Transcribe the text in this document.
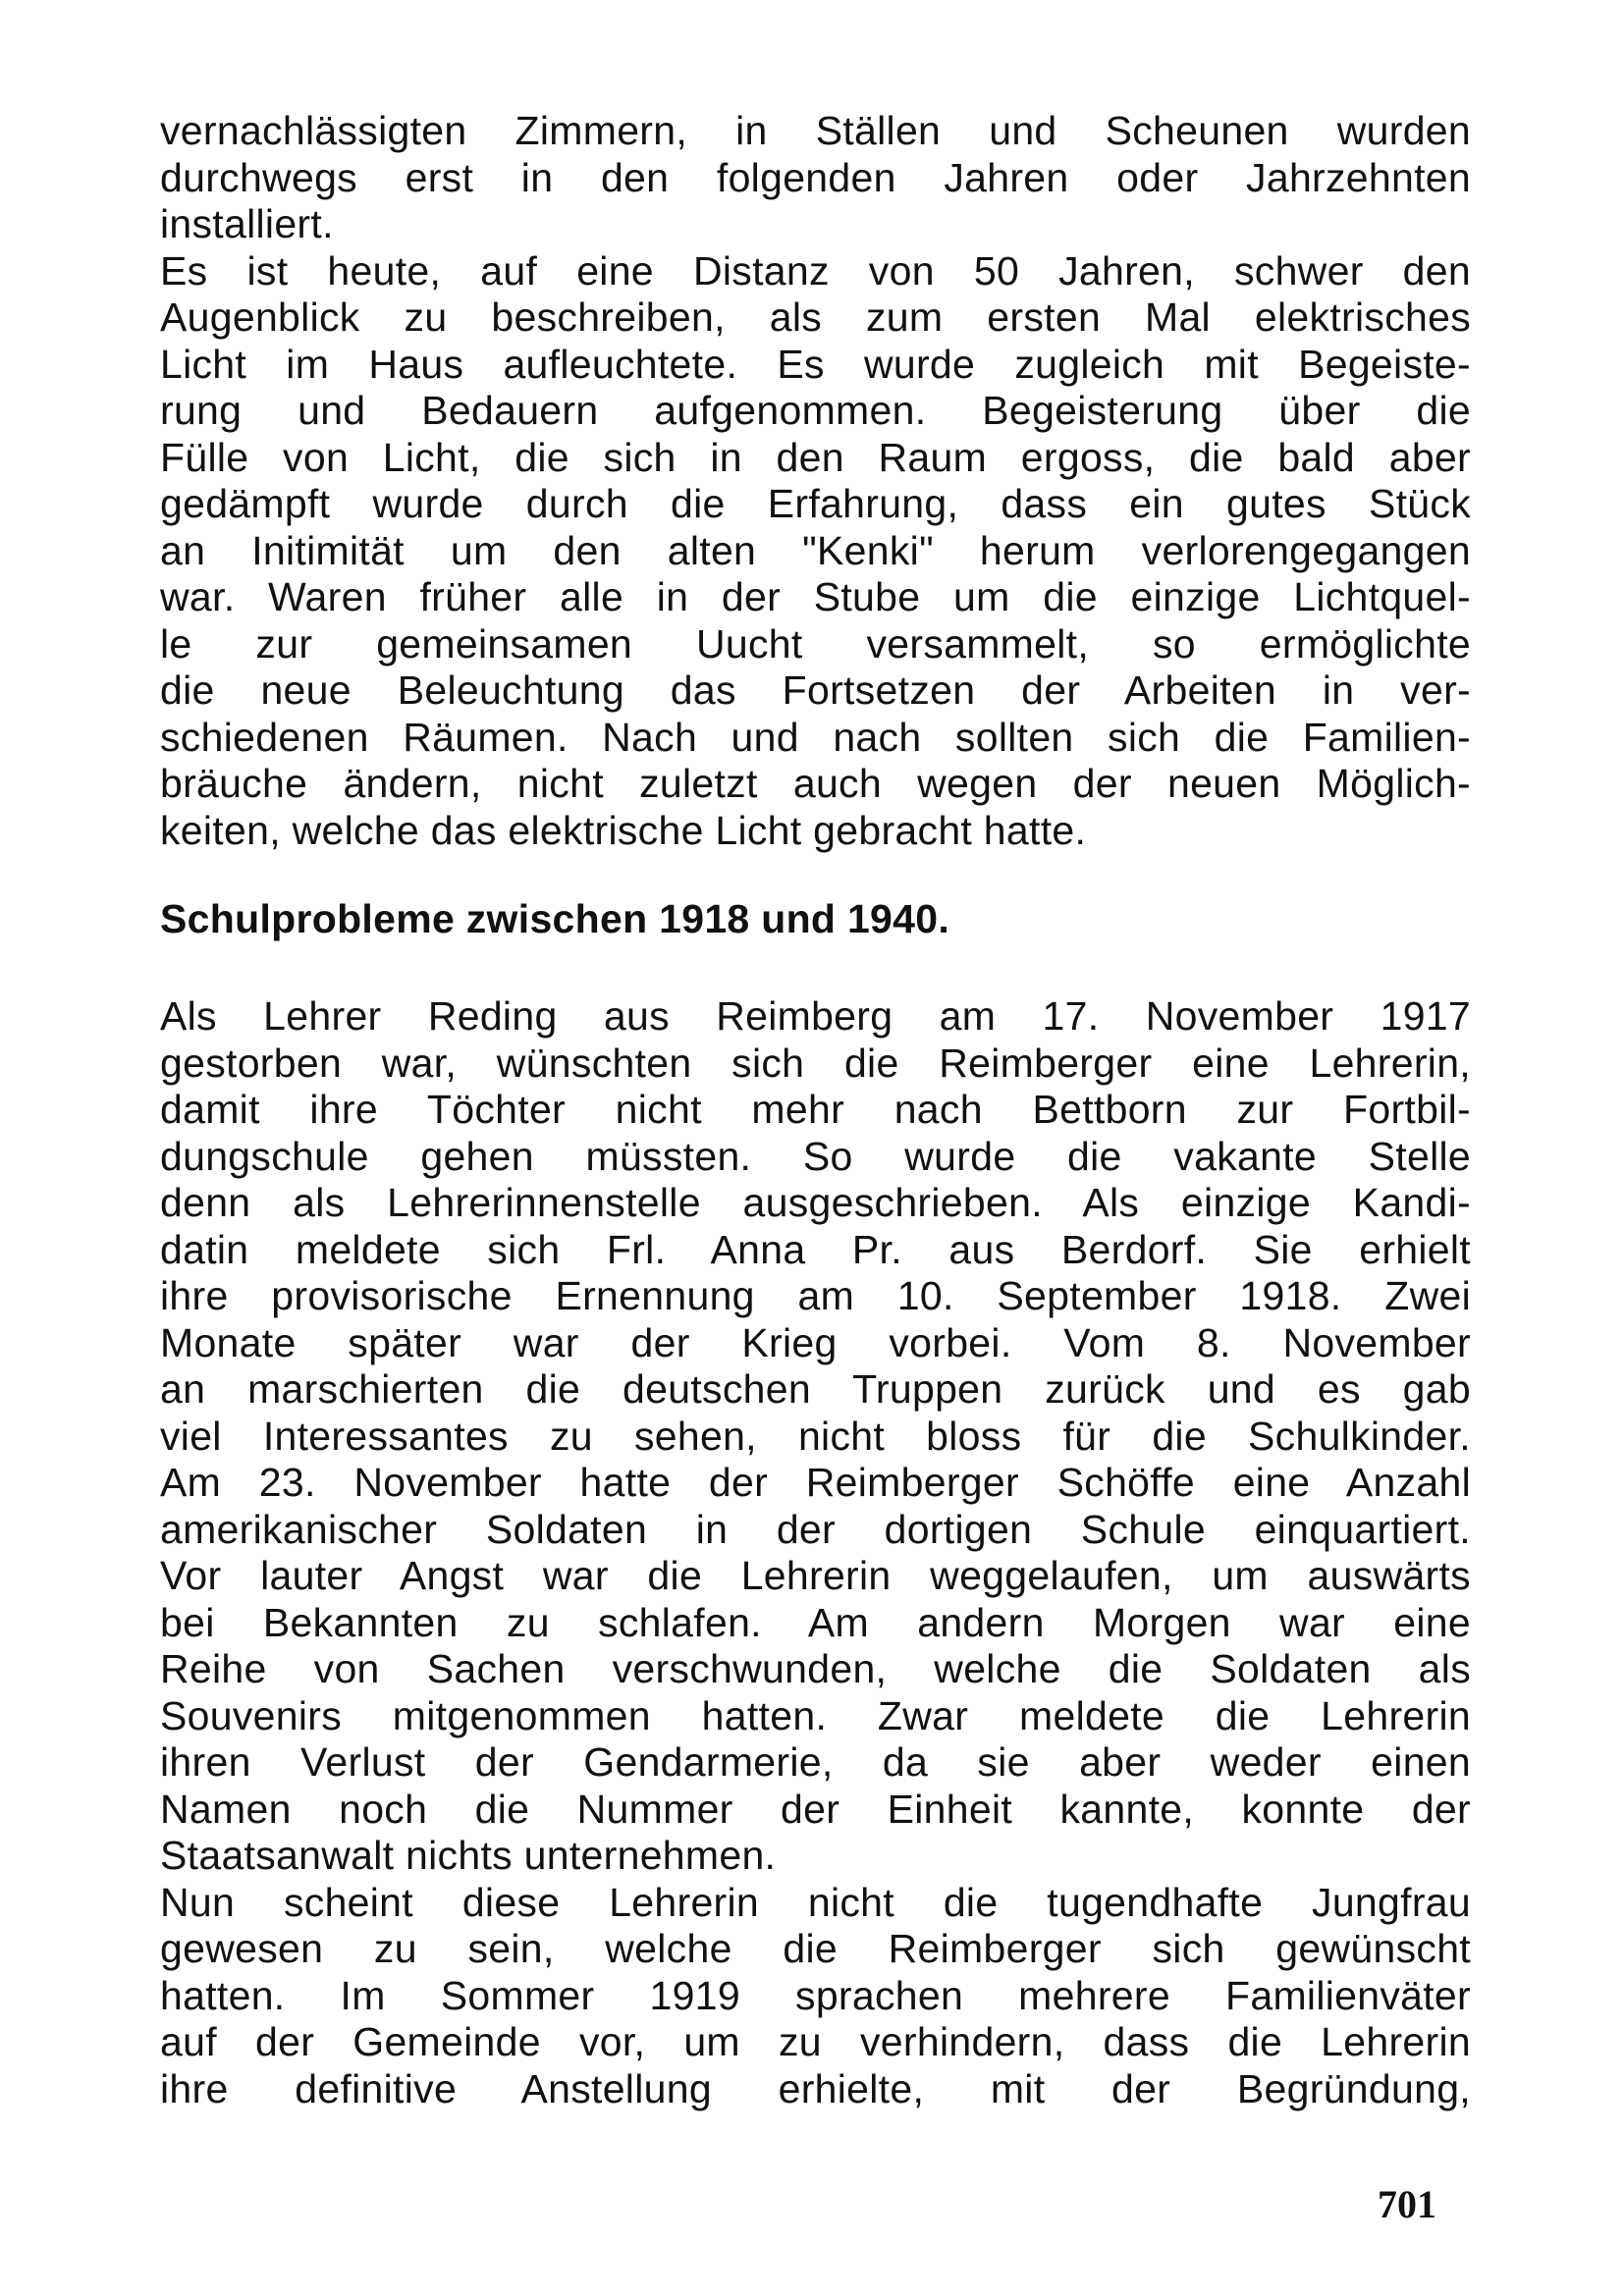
vernachlässigten Zimmern, in Ställen und Scheunen wurden
durchwegs erst in den folgenden Jahren oder Jahrzehnten
installiert.
Es ist heute, auf eine Distanz von 50 Jahren, schwer den
Augenblick zu beschreiben, als zum ersten Mal elektrisches
Licht im Haus aufleuchtete. Es wurde zugleich mit Begeiste-
rung und Bedauern aufgenommen. Begeisterung über die
Fülle von Licht, die sich in den Raum ergoss, die bald aber
gedämpft wurde durch die Erfahrung, dass ein gutes Stück
an Initimität um den alten "Kenki" herum verlorengegangen
war. Waren früher alle in der Stube um die einzige Lichtquel-
le zur gemeinsamen Uucht versammelt, so ermöglichte
die neue Beleuchtung das Fortsetzen der Arbeiten in ver-
schiedenen Räumen. Nach und nach sollten sich die Familien-
bräuche ändern, nicht zuletzt auch wegen der neuen Möglich-
keiten, welche das elektrische Licht gebracht hatte.
Schulprobleme zwischen 1918 und 1940.
Als Lehrer Reding aus Reimberg am 17. November 1917
gestorben war, wünschten sich die Reimberger eine Lehrerin,
damit ihre Töchter nicht mehr nach Bettborn zur Fortbil-
dungschule gehen müssten. So wurde die vakante Stelle
denn als Lehrerinnenstelle ausgeschrieben. Als einzige Kandi-
datin meldete sich Frl. Anna Pr. aus Berdorf. Sie erhielt
ihre provisorische Ernennung am 10. September 1918. Zwei
Monate später war der Krieg vorbei. Vom 8. November
an marschierten die deutschen Truppen zurück und es gab
viel Interessantes zu sehen, nicht bloss für die Schulkinder.
Am 23. November hatte der Reimberger Schöffe eine Anzahl
amerikanischer Soldaten in der dortigen Schule einquartiert.
Vor lauter Angst war die Lehrerin weggelaufen, um auswärts
bei Bekannten zu schlafen. Am andern Morgen war eine
Reihe von Sachen verschwunden, welche die Soldaten als
Souvenirs mitgenommen hatten. Zwar meldete die Lehrerin
ihren Verlust der Gendarmerie, da sie aber weder einen
Namen noch die Nummer der Einheit kannte, konnte der
Staatsanwalt nichts unternehmen.
Nun scheint diese Lehrerin nicht die tugendhafte Jungfrau
gewesen zu sein, welche die Reimberger sich gewünscht
hatten. Im Sommer 1919 sprachen mehrere Familienväter
auf der Gemeinde vor, um zu verhindern, dass die Lehrerin
ihre definitive Anstellung erhielte, mit der Begründung,
701
